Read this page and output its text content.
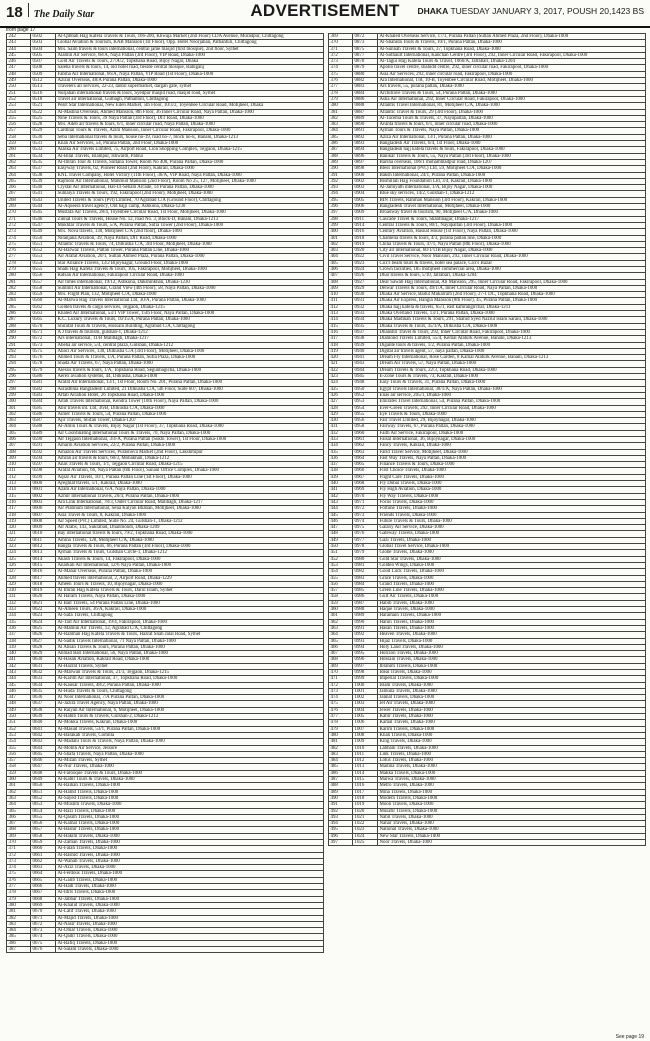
18 The Daily Star	ADVERTISEMENT	DHAKA TUESDAY JANUARY 3, 2017, POUSH 20,1423 BS
from page 17
242	0502	Al-Qibbah Hajj Kafela Travels & Tours, 166-200, Khwaja Market (2nd Floor) CDA Avenue, Muradpur, Chittagong
243	0503	Global Aviation & Tourism, KAB Mansion (1st Floor), Opp. Hotel Noorjahan, Pathantuli, Chittagong
244	0504	M/s. Saim travels & tours international, central jame masjid (first mosque), 2nd floor, Sylhet
245	0505	Alamin Air Service, 68/A, Naya Paltan (3rd Floor), VIP Road, Dhaka-1000
246	0507	Gold Air Travels & Tours, 27/A/2, Topkhana Road, Bijoy Nagar, Dhaka
247	0508	Saleha travels & tours, 14, old hotel road, beside central mosque, Habiganj
248	0509	Fabiha Air International, 66/A, Naya Paltan, VIP Road (1st Floor), Dhaka-1000
249	0512	Azizul Overseas, 48/A Purana Paltan, Dhaka-1000
250	0513	Travelers air services, 22-23, tanbil supermarket, dargah gate, sylhet
251	0516	Nurjahan international travels & tours, Syedpur masjid road, masjid road, Sylhet
252	0518	Travel air international, Gulbagh, Pathantuli, Chittagong
253	0521	Pearl Star International, New Eden Market, 5th Floor, 10/3/2, Toyenbee Circular Road, Motijheel, Dhaka
254	0522	Al-Madina Overseas, Ahmed Mansion, 8th Floor, 36 Inner Circular Road, Naya Paltan, Dhaka-1000
255	0525	Nine Travels & Tours, 39 Naya Paltan (3rd Floor), DIT Road, Dhaka-1000
256	0528	M/s. Adeb air travels & tours, 6/1, inner circular road, Naya Paltan, Dhaka-1000
257	0529	Cardinal Tours & Travels, Azim Mansion, Inner Circular Road, Fakirapool, Dhaka-1000
258	0530	Seba international travels & tours, house no-19, road no-7, block no-E, Banani, Dhaka-1213
259	0531	Khan Air Services, 54, Purana Paltan, 2nd Floor, Dhaka-1000
260	0533	Alaska Air Travels Limited, 75, Airport Road, Lion Shopping Complex, Tejgaon, Dhaka-1215
261	0534	Al-Bilal Travels, Islampur, Ishwardi, Pabna
262	0535	Al-Imran Tour & Travels, Sultana Tower, Room No 408, Purana Paltan, Dhaka-1000
263	0537	Easyway Travels, 62, Pioneer Road (2nd Floor), Kakrail, Dhaka-1000
264	0538	KNL Travel Company, Hotel Victory (11th Floor), 36/A, VIP Road, Naya Paltan, Dhaka-1000
265	0539	Rajmoni Air International, Mahmud Mansion (2nd Floor), Room No 25, 127, Motijheel, Dhaka-1000
266	0540	Crystal Air International, Hat-Ul-Seham Arcade, 14 Purana Paltan, Dhaka-1000
267	0541	Sumaiya Travels & Tours, 192, Fakirapool (2nd Floor), Motijheel, Dhaka-1000
268	0543	United Travels & Tours (Pvt) Limited, 70 Agrabad C/A (Ground Floor), Chittagong
269	0544	Al-Aqueera travel agency, Old hajji camp, Ashkona, Dhaka-1230
270	0545	Mustafa Air Travels, 28/4, Toyenbee Circular Road, 1st Floor, Motijheel, Dhaka-1000
271	0546	Zinnat Tours & Travels, House No. 12, road No. 3, Block-D, Banani, Dhaka-1213
272	0547	Mukhtar Travels & Tours, 5/A, Purana Paltan, Sufia Tower (2nd Floor), Dhaka-1000
273	0549	M/s. Nova travels, 130, Motijheel C/A (2nd floor), Dhaka-1000
274	0550	Nilanjana Aviation, 39, Naya Paltan, DIT Road, Dhaka-1000
275	0551	Atlantic Travels & Tours, 74, Dilkusha C/A, 3rd Floor, Motijheel, Dhaka-1000
276	0552	Al-Barwaz Travels, Paltan Tower, Purana Paltan Line, Dhaka-1000
277	0553	Air Arafat Aviation, 20/1, Sultan Ahmed Plaza, Purana Paltan, Dhaka-1000
278	0554	Star Alliance Travels, 13/2 Bijoynagar, Ground Floor, Dhaka-1000
279	0555	Shahi Hajj Kafela Travels & Tours, 105, Fakirapool, Motijheel, Dhaka-1000
280	0556	Rafsan Air International, Fakirapool Circular Road, Dhaka-1000
281	0557	Air times international, 19/12, Ashkona, Dakshinkhan, Dhaka-1230
282	0558	Summit Air International, Grand View (4th Floor), 58, Naya Paltan, Dhaka-1000
283	0559	M/s. Flight Plan, 132, Motijheel C/A, Dhaka-1000
284	0560	Al-Marwa Hajj Travels International Ltd, 30/A, Purana Paltan, Dhaka-1000
285	0562	Golden travels & cargo services, Tejgaon, Dhaka-1215
286	0563	Khaled Air International, 53/1 VIP Tower, 15th Floor, Naya Paltan, Dhaka-1000
287	0565	K.C. Luxury Travels & Tours, 10/15/A, Purana Paltan, Dhaka-1000
288	0570	Shirafat Tours & Travels, Hossain Building, Agrabad C/A, Chittagong
289	0571	A J travels & tourism, gulshan-1, Dhaka-1212
290	0572	Ars international, 11/B Malibagh, Dhaka-1217
291	0573	Abeha air service, 5/4, central plaza, Gulshan, Dhaka-1212
292	0575	Abaci Air Services, 130, Dilkusha C/A (3rd Floor), Motijheel, Dhaka-1000
293	0576	Ahmed Tours & Travels, 1/A, Purana Paltan, Sufia Plaza, Dhaka-1000
294	0578	Shada Air Travels, 67, Naya Paltan, Dhaka-1000
295	0579	Alexus travels & tours, 1/A, Topkhana Road, Segunbagicha, Dhaka-1000
296	0580	Aerex aviation systems, 44, Dilkusha, Dhaka-1000
297	0581	Arafat Air International, 13/1, 1st Floor, Room No. 201, Purana Paltan, Dhaka-1000
298	0582	Asrasthma Bangladesh Limited, 21 Dilkusha C/A, 5th Floor, Suite 607, Dhaka-1000
299	0583	Aftab Aviation Hotel, 26 Topkhana Road, Dhaka-1000
300	0584	Aitah Travels International, Kendra Tower (10th Floor), Naya Paltan, Dhaka-1000
301	0585	Abir travels int. Ltd, 36/B, Dilkusha C/A, Dhaka-1000
302	0586	Aimer Travels & Tours, 54, Purana Paltan, Dhaka-1000
303	0587	Ajir Travels, Shifan Tower, Dhaka-1207
304	0588	Al-Amin Tours & Travels, Bijoy Nagar (1st Floor), 37, Topkhana Road, Dhaka-1000
305	0589	Air Coordinating International Tours & Travels, 70, Naya Paltan, Dhaka-1000
306	0590	Air Tejgaon International, 3/4-A, Purana Paltan (Sukhi Tower), 1st Floor, Dhaka-1000
307	0591	Amarin Aviation Services, 22/2, Purana Paltan, Dhaka-1000
308	0592	Amazon Air Travels Services, Purashova Market (2nd Floor), Lakshmipur
309	0594	Amran air travels & tours, 60/3, Mohakhali, Dhaka-1212
310	0597	Anas Travels & Tours, 1/1, Tejgaon Circular Road, Dhaka-1215
311	0598	Arafat Aviation, 66, Naya Paltan (6th Floor), Sanaul Office Complex, Dhaka-1000
312	0599	Aqsar Air Travels, 10/1, Purana Paltan Line (1st Floor), Dhaka-1000
313	0600	Ayegmat travels, 5/1, Kakrail, Dhaka-1000
314	0601	Azam Air International, 6/A, Naya Paltan, Dhaka-1000
315	0602	Azmir International Travels, 20/4, Purana Paltan, Dhaka-1000
316	0603	Ara Link International, 78/3, Outer Circular Road, Malibagh, Dhaka-1217
317	0606	Air Platinum International, Sena Kalyan Bhaban, Motijheel, Dhaka-1000
318	0607	Asia Travel & Tours, 8, Kakrail, Dhaka-1000
319	0608	Air Speed (Pvt.) Limited, Suite No. 24, Gulshan-1, Dhaka-1212
320	0609	Air Arabs, 143, Sukrabad, Dhanmondi, Dhaka-1209
321	0610	Bay international travels & tours, 79/2, Topkhana Road, Dhaka-1000
322	0611	Amina Travels, 128, Motijheel C/A, Dhaka-1000
323	0612	Bangla Travels & Tours, 66, Purana Paltan (3rd Floor), Dhaka-1000
324	0613	Ayman Travels & Tours, Gulshan Circle-1, Dhaka-1212
325	0614	Akash Travels & Tours, 14, Fakirapool, Dhaka-1000
326	0615	Anarkali Air International, 12/6 Naya Paltan, Dhaka-1000
327	0616	Al-Manar Overseas, Purana Paltan, Dhaka-1000
328	0617	Ahmed travels international, 2, Airport Road, Dhaka-1229
329	0618	Ameen Tours & Travels, 10, Bijoynagar, Dhaka-1000
330	0619	Al Imran Hajj Kafela Travels & Tours, Darul Islam, Sylhet
331	0620	Al Haram Travels, Naya Paltan, Dhaka-1000
332	0621	Al Bait Travels, 54 Purana Paltan Line, Dhaka-1000
333	0622	Al-Ameen Tours, 36/A, Kakrail, Dhaka-1000
334	0623	Al-Safa Travels, Chittagong
335	0624	Al-Taif Air International, 19/4, Fakirapool, Dhaka-1000
336	0625	Al-Mamun Air Travels, 12, Agrabad C/A, Chittagong
337	0626	Al-Rahman Hajj Kafela Travels & Tours, Hazrat Shah Jalal Road, Sylhet
338	0627	Al-Sadik Travels International, 71 Naya Paltan, Dhaka-1000
339	0628	Al Ahsan Travels & Tours, Purana Paltan, Dhaka-1000
340	0629	Ahmad Bari International, 56, Naya Paltan, Dhaka-1000
341	0630	Al-Hasan Aviation, Kakrail Road, Dhaka-1000
342	0631	Al-Hazrat Travels, Sylhet
343	0632	Al-Marwan Travels & Tours, 21/3, Tejgaon, Dhaka-1215
344	0633	Al-Karim Air International, 37, Topkhana Road, Dhaka-1000
345	0634	Al-Kausar Travels, 48/2, Purana Paltan, Dhaka-1000
346	0635	Al-Huda Travels & Tours, Chittagong
347	0636	Al Noor International, 7/A Purana Paltan, Dhaka-1000
348	0637	Al-Jazira Travel Agency, Naya Paltan, Dhaka-1000
349	0638	Al Raiyan Air International, 6, Motijheel, Dhaka-1000
350	0639	Al-Habib Tours & Travels, Gulshan-2, Dhaka-1212
351	0640	Al-Mokka Travels, Kakrail, Dhaka-1000
352	0641	Al-Masud Travels, 53/1, Purana Paltan, Dhaka-1000
353	0642	Al-Barakah Travels, Comilla
354	0643	Al-Madani Tours & Travels, Naya Paltan, Dhaka-1000
355	0644	Al-Mobin Air Service, Jessore
356	0645	Al-Shafa Travels, Naya Paltan, Dhaka-1000
357	0646	Al-Mizan Travels, Sylhet
358	0647	Al-Nur Travels, Dhaka-1000
359	0648	Al-Farooque Travels & Tours, Dhaka-1000
360	0649	Al-Kabir Tours & Travels, Dhaka-1000
361	0650	Al-Raihan Travels, Dhaka-1000
362	0651	Al-Hamd Travels, Dhaka-1000
363	0652	Al-Sayed Travels, Dhaka-1000
364	0653	Al-Muslim Travels, Dhaka-1000
365	0654	Al-Razi Travels, Dhaka-1000
366	0655	Al-Qasim Travels, Dhaka-1000
367	0656	Al-Kamal Travels, Dhaka-1000
368	0657	Al-Bashir Travels, Dhaka-1000
369	0658	Al-Hakim Travels, Dhaka-1000
370	0659	Al-Zaman Travels, Dhaka-1000
371	0660	Al-Falah Travels, Dhaka-1000
372	0661	Al-Rashid Travels, Dhaka-1000
373	0662	Al-Wahab Travels, Dhaka-1000
374	0663	Al-Aziz Travels, Dhaka-1000
375	0664	Al-Ferdous Travels, Dhaka-1000
376	0665	Al-Galib Travels, Dhaka-1000
377	0666	Al-Hadi Travels, Dhaka-1000
378	0667	Al-Idris Travels, Dhaka-1000
379	0668	Al-Jabbar Travels, Dhaka-1000
380	0669	Al-Khalid Travels, Dhaka-1000
381	0670	Al-Latif Travels, Dhaka-1000
382	0671	Al-Majid Travels, Dhaka-1000
383	0672	Al-Nasir Travels, Dhaka-1000
384	0673	Al-Omar Travels, Dhaka-1000
385	0674	Al-Qadir Travels, Dhaka-1000
386	0675	Al-Rafiq Travels, Dhaka-1000
387	0676	Al-Salam Travels, Dhaka-1000
369	0872	Al-Khaled Overseas Service, 17/1, Purana Paltan (Sultan Ahmed Plaza, 2nd Floor), Dhaka-1000
370	0873	Al-Shahida Tours & Travels, 10/1, Purana Paltan, Dhaka-1000
371	0875	Al-Sunnah Travels & Tours, 37, Topkhana Road, Dhaka-1000
372	0877	Al-Sothaurt International, Kanchan Centre (3rd Floor), 292, Inner Circular Road, Fakirapool, Dhaka-1000
373	0878	Al-Tagui Hajj Kafela Tours & Travel, 1066/A, Jatrabari, Dhaka-1204
374	0879	Apollo travel centre, shahidd centre, 292, inner circular road, Fakirapool, Dhaka-1000
375	0880	Asia Air Services, 292, inner circular road, Fakirapool, Dhaka-1000
376	0882	Ara International, 1/B, 10-B, Toyenbee Circular Road, Motijheel, Dhaka-1000
377	0883	Ars travels, 55, purana paltan, Dhaka-1000
378	0884	Architrave Travels & Tours, 54, Purana Paltan, Dhaka-1000
379	0886	Asha Air International, 292, Inner Circular Road, Fakirapool, Dhaka-1000
380	0888	Atlantis Travel International, 81, Motijheel C/A, Dhaka-1000
381	0887	Atlantic Travel & Tours, 29 (3rd Floor), Dhaka-1000
382	0889	Al-Tacema Tours & Travels, 37, Nayapaltan, Dhaka-1000
383	0890	Avanta travels & tours, 6/1, inner circular road, Dhaka-1000
384	0891	Ayman Tours & Travels, Naya Paltan, Dhaka-1000
385	0892	Aziza Air International, 13/1, Purana Paltan, Dhaka-1000
386	0893	Bangladesh Air Travels, 6/4, 1st Floor, Dhaka-1000
387	0894	Bangladesh hajj kafela travels & tours, Fakirapool, Dhaka-1000
388	0896	Banikar Travels & Tours, 55, Naya Paltan (3rd Floor), Dhaka-1000
389	0897	Barsha overseas, 106/1 mohammadpur road, Dhaka-1207
390	0898	Bless International (Pvt.) Ltd, 59, Motijheel C/A, Dhaka-1000
391	0900	Baksh International, 24/1, Purana Paltan, Dhaka-1000
392	0902	Bismillah Hajj Foundation Ltd, 3/4, Kakrail, Dhaka-1000
393	0903	Al-Jamiyath international, 1/A, Bijoy Nagar, Dhaka-1000
394	0904	Blue sky services, 14/2, Gulshan-1, Dhaka-1212
395	0905	BIN Travels, Rahman Mansion (3rd Floor), Kakrail, Dhaka-1000
396	0906	Bangladesh Travel International, Motijheel, Dhaka-1000
397	0909	Broadway travel & tourism, 90, Motijheel C/A, Dhaka-1000
398	0911	Cascade Travel & Tours, Shantinagar, Dhaka-1217
399	0914	Central Travels & Tours, 80/1, Nayapaltan (3rd Floor), Dhaka-1000
400	0916	Century Aviation, Hasnat House (1st Floor), Naya Paltan, Dhaka-1000
401	0918	Chamelia travels & tours, 4/3, purana paltan line, Dhaka-1000
402	0919	China Travels & Tours, 47/1, Naya Paltan (8th Floor), Dhaka-1000
403	0920	City air international, 60/1/11B Bijoy Nagar, Dhaka-1000
404	0922	Civil Travel Service, Noor Mansion, 292, Inner Circular Road, Dhaka-1000
405	0923	Cox's beam tours & travels, hotel sea palace, Cox's Bazar
406	0924	Crown facilities, 185 motijheel commercial area, Dhaka-1000
407	0926	Dhar travels & tours, 5/10, Jatrabari, Dhaka-1204
408	0927	Dear Sawab Hajj International, Ali Mansion, 295, Inner Circular Road, Fakirapool, Dhaka-1000
409	0929	Delwar Travels & Tours, 49/1/A, Inner Circular Road, Naya Paltan, Dhaka-1000
410	0930	Dhaka Air Service, Baitul Mukarram (2nd Floor), 27-1 DC, Topkhana Road, Dhaka-1000
411	0931	Dhaka Air Express, Bangla Mansion (8th Floor), 45, Purana Paltan, Dhaka-1000
412	0932	Dhaka hajj kafela & travels, 65/1, east kamrangirchar, Dhaka-1211
413	0933	Dhaka Overland Travels, 13/1, Purana Paltan, Dhaka-1000
414	0934	Dhaka Madinah Travels & Tours, 291, Shahid Syed Nazrul Islam Sarani, Dhaka-1000
415	0935	Dhaka Travels & Tours, 35/1/A, Dilkusha C/A, Dhaka-1000
416	0937	Dhanshri Travel & Tours, 292, Inner Circular Road, Fakirapool, Dhaka-1000
417	0938	Diamond Travels Limited, 55/4, Kemal Ataturk Avenue, Banani, Dhaka-1213
418	0939	Digante tours & travels, 1/2, Purana Paltan, Dhaka-1000
419	0940	Digital air travels agent, 57, naya paltan, Dhaka-1000
420	0941	Dream Fly International, Rose Garden, 8 Kamal Ataturk Avenue, Banani, Dhaka-1213
421	0943	Dream Air Travels, 57, Naya Paltan, Dhaka-1000
422	0944	Dream Travels & Tours, 22/3, Topkhana Road, Dhaka-1000
423	0945	E-Zone Tours & Travels, 73, Kakrail, Dhaka-1000
424	0948	Easy Tours & Travels, 31, Purana Paltan, Dhaka-1000
425	0950	Egypt Travels International, 38/1/A, Naya Paltan, Dhaka-1000
426	0952	Elias air service, 205/1, Dhaka-1000
427	0953	Emirates Travel International, 54, Purana Paltan, Dhaka-1000
428	0954	Ever-Green Travels, 292, Inner Circular Road, Dhaka-1000
429	0955	Eye Travels & Tours, Dhaka-1000
430	0956	Fair Travel Limited, 29, Bijoynagar, Dhaka-1000
431	0958	Fairway Travels, 67, Purana Paltan, Dhaka-1000
432	0960	Faith Air Service, Fakirapool, Dhaka-1000
433	0961	Faisal International, 36, Bijoynagar, Dhaka-1000
434	0962	Fancy Travels, Kakrail, Dhaka-1000
435	0963	Farid Travel Service, Motijheel, Dhaka-1000
436	0964	Fast Way Travels, Naya Paltan, Dhaka-1000
437	0965	Finance Travels & Tours, Dhaka-1000
438	0966	First Choice Travels, Dhaka-1000
439	0967	Flight Care Travels, Dhaka-1000
440	0968	Fly Dubai Travels, Dhaka-1000
441	0969	Fly High Aviation, Dhaka-1000
442	0970	Fly Way Travels, Dhaka-1000
443	0971	Focus Travels, Dhaka-1000
444	0972	Fortune Travels, Dhaka-1000
445	0973	Friends Travels, Dhaka-1000
446	0974	Future Travels & Tours, Dhaka-1000
447	0975	Galaxy Air Service, Dhaka-1000
448	0976	Gateway Travels, Dhaka-1000
449	0977	Gazi Travels, Dhaka-1000
450	0978	Global Travel Service, Dhaka-1000
451	0979	Globe Travels, Dhaka-1000
452	0980	Gold Star Travels, Dhaka-1000
453	0981	Golden Wings, Dhaka-1000
454	0982	Good Luck Travels, Dhaka-1000
455	0983	Grace Travels, Dhaka-1000
456	0984	Grand Travels, Dhaka-1000
457	0985	Green Line Travels, Dhaka-1000
458	0986	Gulf Air Travels, Dhaka-1000
459	0987	Habib Travels, Dhaka-1000
460	0988	Haque Travels, Dhaka-1000
461	0989	Haramain Travels, Dhaka-1000
462	0990	Harun Travels, Dhaka-1000
463	0991	Hasan Travels, Dhaka-1000
464	0992	Heaven Travels, Dhaka-1000
465	0993	Hijaz Travels, Dhaka-1000
466	0994	Holy Land Travels, Dhaka-1000
467	0995	Horizon Travels, Dhaka-1000
468	0996	Hossain Travels, Dhaka-1000
469	0997	Ibrahim Travels, Dhaka-1000
470	0998	Ideal Travels, Dhaka-1000
471	0999	Imperial Travels, Dhaka-1000
472	1000	Islam Travels, Dhaka-1000
473	1001	Jamuna Travels, Dhaka-1000
474	1002	Jannat Travels, Dhaka-1000
475	1003	Jet Air Travels, Dhaka-1000
476	1004	Jewel Travels, Dhaka-1000
477	1005	Kabir Travels, Dhaka-1000
478	1006	Kamal Travels, Dhaka-1000
479	1007	Karim Travels, Dhaka-1000
480	1008	Khan Travels, Dhaka-1000
481	1009	King Travels, Dhaka-1000
482	1010	Labbaik Travels, Dhaka-1000
483	1011	Link Travels, Dhaka-1000
484	1012	Lotus Travels, Dhaka-1000
485	1013	Madina Travels, Dhaka-1000
486	1014	Makka Travels, Dhaka-1000
487	1015	Marwa Travels, Dhaka-1000
488	1016	Metro Travels, Dhaka-1000
489	1017	Mina Travels, Dhaka-1000
490	1018	Modern Travels, Dhaka-1000
491	1019	Moon Travels, Dhaka-1000
492	1020	Musafir Travels, Dhaka-1000
493	1021	Nabil Travels, Dhaka-1000
494	1022	Nahar Travels, Dhaka-1000
495	1023	National Travels, Dhaka-1000
496	1024	New Star Travels, Dhaka-1000
497	1025	Noor Travels, Dhaka-1000
See page 19
